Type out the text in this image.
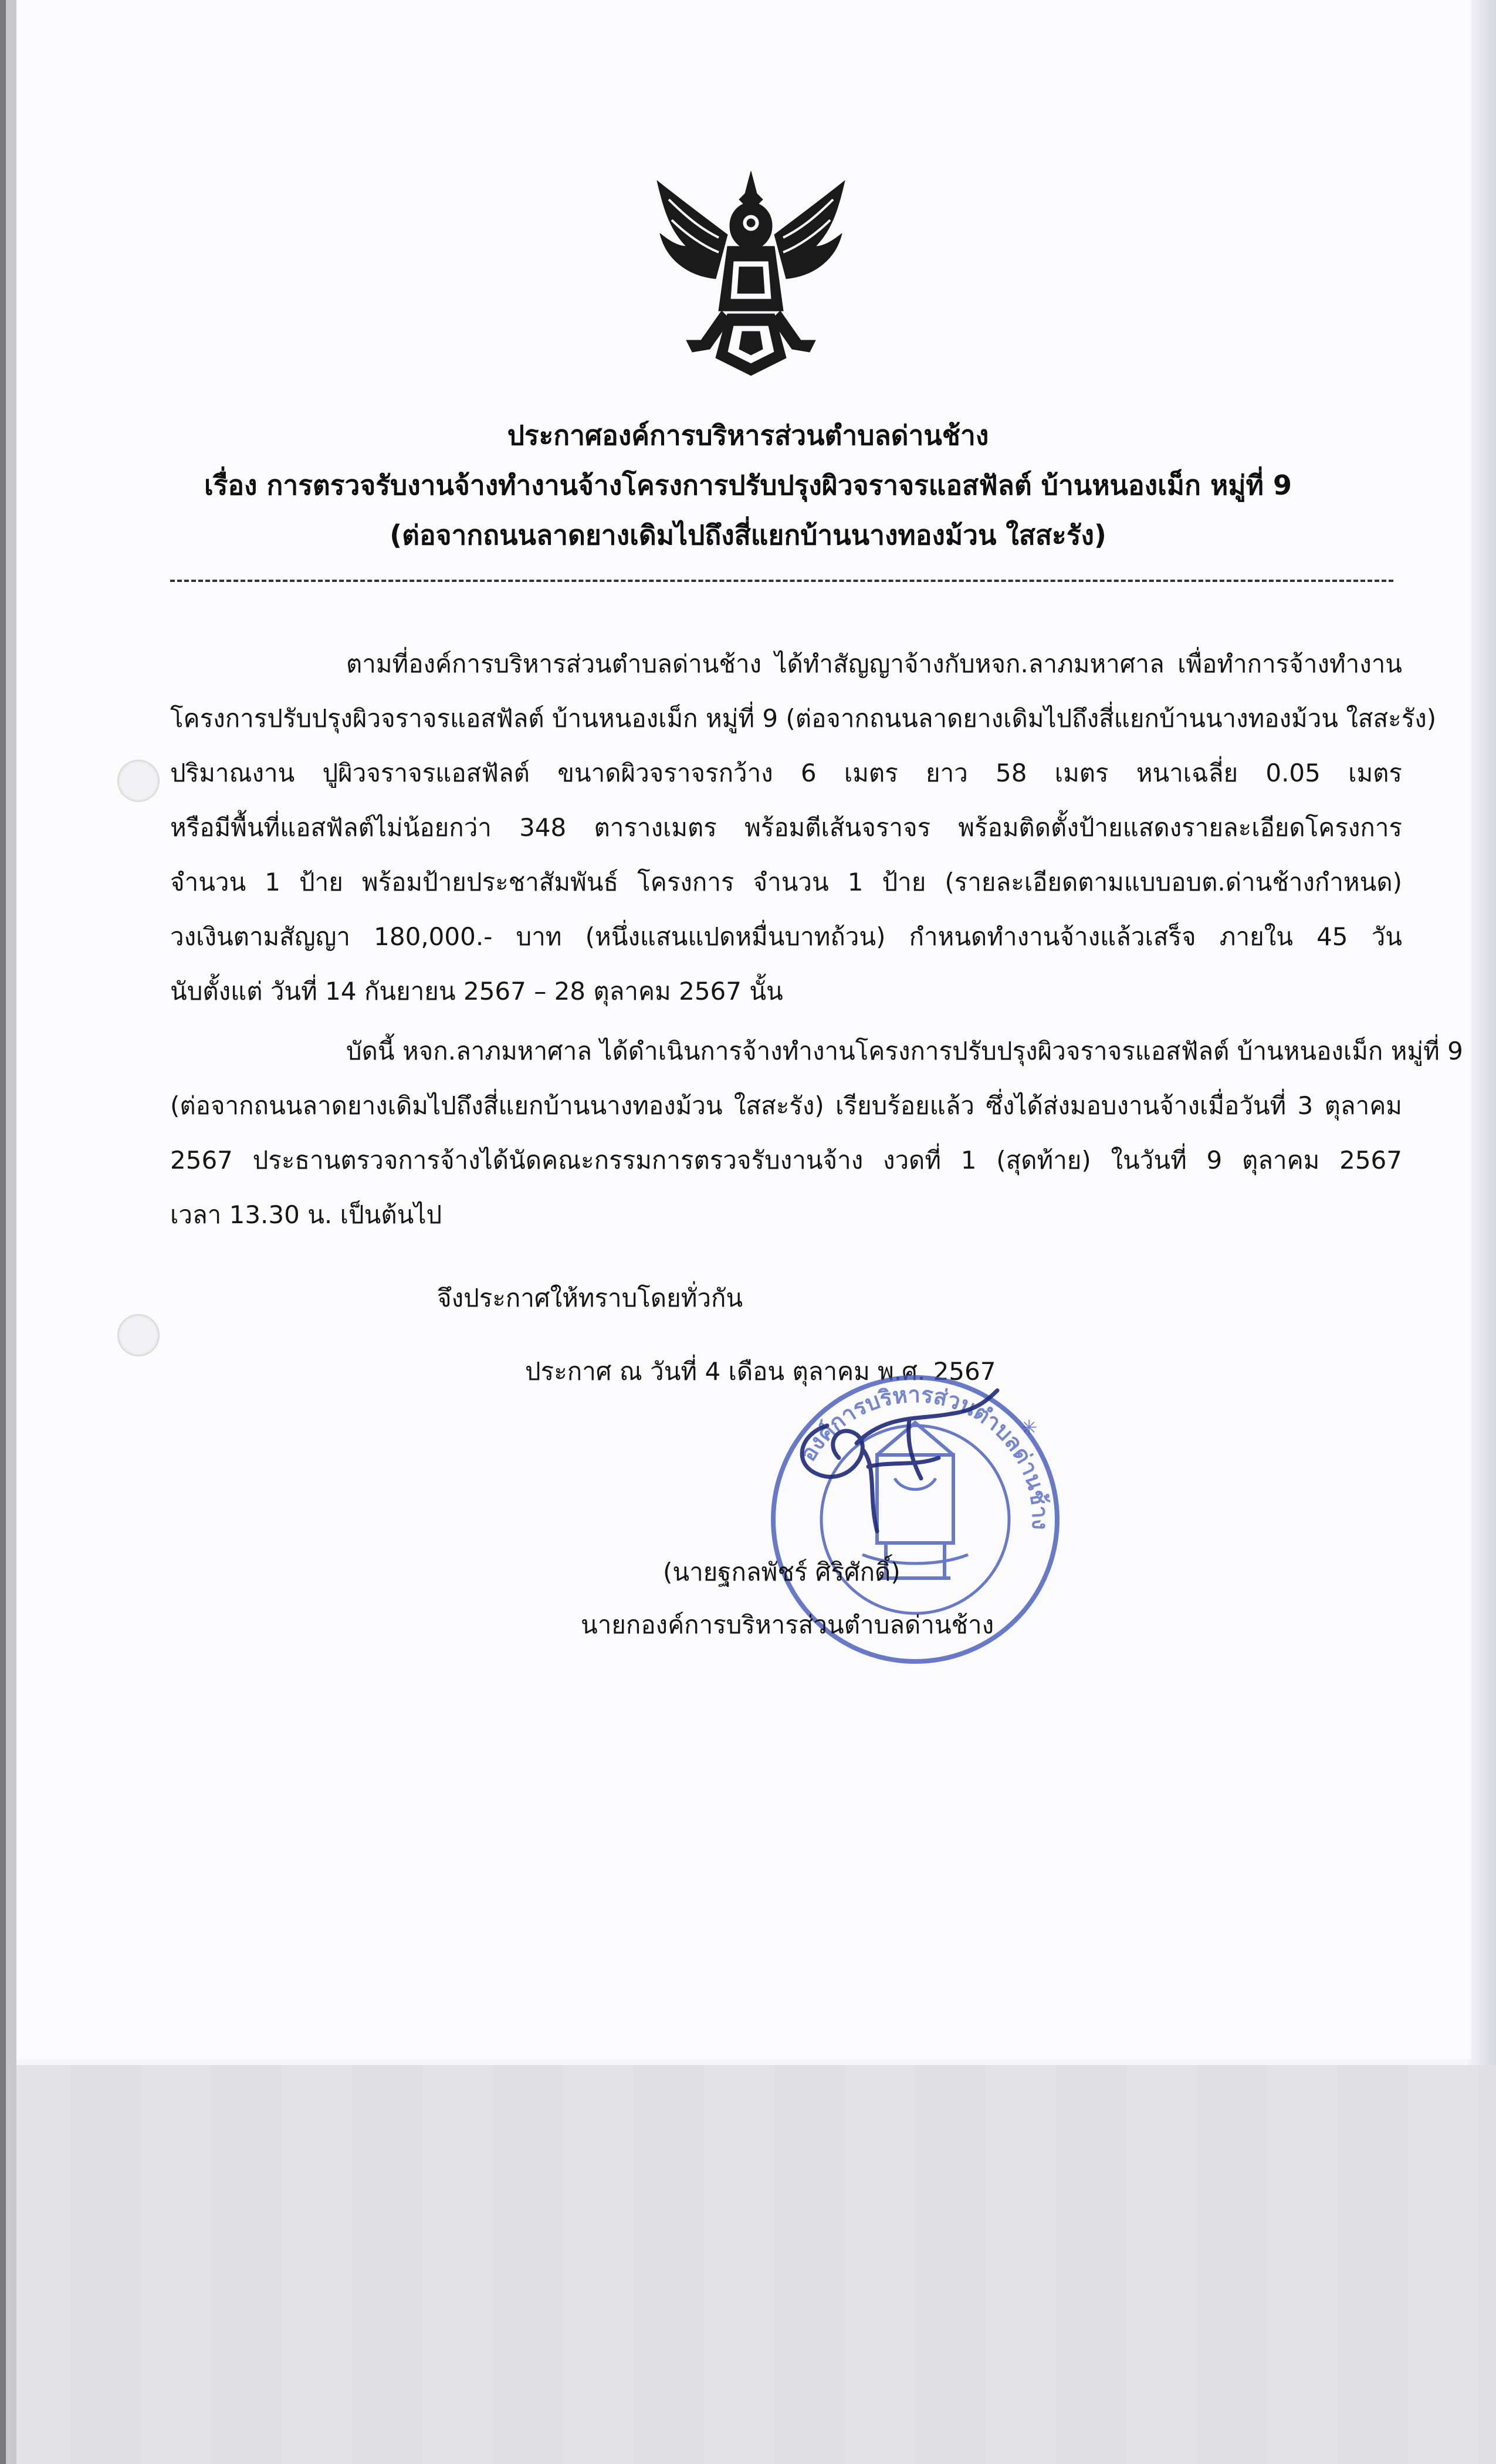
ประกาศองค์การบริหารส่วนตำบลด่านช้าง
เรื่อง การตรวจรับงานจ้างทำงานจ้างโครงการปรับปรุงผิวจราจรแอสฟัลต์ บ้านหนองเม็ก หมู่ที่ 9
(ต่อจากถนนลาดยางเดิมไปถึงสี่แยกบ้านนางทองม้วน ใสสะรัง)
ตามที่องค์การบริหารส่วนตำบลด่านช้าง ได้ทำสัญญาจ้างกับหจก.ลาภมหาศาล เพื่อทำการจ้างทำงาน
โครงการปรับปรุงผิวจราจรแอสฟัลต์ บ้านหนองเม็ก หมู่ที่ 9 (ต่อจากถนนลาดยางเดิมไปถึงสี่แยกบ้านนางทองม้วน ใสสะรัง)
ปริมาณงาน ปูผิวจราจรแอสฟัลต์ ขนาดผิวจราจรกว้าง 6 เมตร ยาว 58 เมตร หนาเฉลี่ย 0.05 เมตร
หรือมีพื้นที่แอสฟัลต์ไม่น้อยกว่า 348 ตารางเมตร พร้อมตีเส้นจราจร พร้อมติดตั้งป้ายแสดงรายละเอียดโครงการ
จำนวน 1 ป้าย พร้อมป้ายประชาสัมพันธ์ โครงการ จำนวน 1 ป้าย (รายละเอียดตามแบบอบต.ด่านช้างกำหนด)
วงเงินตามสัญญา 180,000.- บาท (หนึ่งแสนแปดหมื่นบาทถ้วน) กำหนดทำงานจ้างแล้วเสร็จ ภายใน 45 วัน
นับตั้งแต่ วันที่ 14 กันยายน 2567 – 28 ตุลาคม 2567 นั้น
บัดนี้ หจก.ลาภมหาศาล ได้ดำเนินการจ้างทำงานโครงการปรับปรุงผิวจราจรแอสฟัลต์ บ้านหนองเม็ก หมู่ที่ 9
(ต่อจากถนนลาดยางเดิมไปถึงสี่แยกบ้านนางทองม้วน ใสสะรัง) เรียบร้อยแล้ว ซึ่งได้ส่งมอบงานจ้างเมื่อวันที่ 3 ตุลาคม
2567 ประธานตรวจการจ้างได้นัดคณะกรรมการตรวจรับงานจ้าง งวดที่ 1 (สุดท้าย) ในวันที่ 9 ตุลาคม 2567
เวลา 13.30 น. เป็นต้นไป
จึงประกาศให้ทราบโดยทั่วกัน
ประกาศ ณ วันที่ 4 เดือน ตุลาคม พ.ศ. 2567
องค์การบริหารส่วนตำบลด่านช้าง
✳
(นายฐกลพัชร์ ศิริศักดิ์)
นายกองค์การบริหารส่วนตำบลด่านช้าง
